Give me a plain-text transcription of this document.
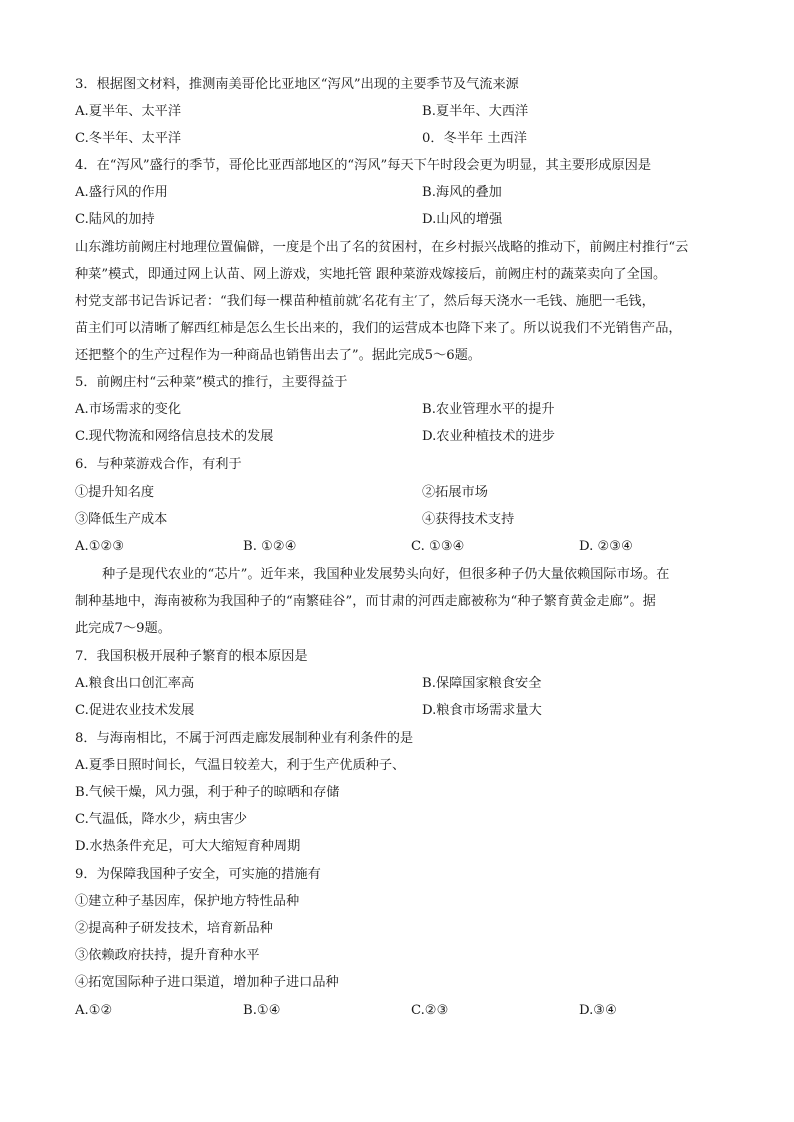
3．根据图文材料，推测南美哥伦比亚地区“泻风”出现的主要季节及气流来源
A.夏半年、太平洋	B.夏半年、大西洋
C.冬半年、太平洋	0．冬半年 土西洋
4．在“泻风”盛行的季节，哥伦比亚西部地区的“泻风”每天下午时段会更为明显，其主要形成原因是
A.盛行风的作用	B.海风的叠加
C.陆风的加持	D.山风的增强
山东潍坊前阙庄村地理位置偏僻，一度是个出了名的贫困村，在乡村振兴战略的推动下，前阙庄村推行“云
种菜”模式，即通过网上认苗、网上游戏，实地托管 跟种菜游戏嫁接后，前阙庄村的蔬菜卖向了全国。
村党支部书记告诉记者：“我们每一棵苗种植前就′名花有主′了，然后每天浇水一毛钱、施肥一毛钱，
苗主们可以清晰了解西红柿是怎么生长出来的，我们的运营成本也降下来了。所以说我们不光销售产品，
还把整个的生产过程作为一种商品也销售出去了”。据此完成5～6题。
5．前阙庄村“云种菜”模式的推行，主要得益于
A.市场需求的变化	B.农业管理水平的提升
C.现代物流和网络信息技术的发展	D.农业种植技术的进步
6．与种菜游戏合作，有利于
①提升知名度	②拓展市场
③降低生产成本	④获得技术支持
A.①②③	B. ①②④	C. ①③④	D. ②③④
种子是现代农业的“芯片”。近年来，我国种业发展势头向好，但很多种子仍大量依赖国际市场。在
制种基地中，海南被称为我国种子的“南繁硅谷”，而甘肃的河西走廊被称为“种子繁育黄金走廊”。据
此完成7～9题。
7．我国积极开展种子繁育的根本原因是
A.粮食出口创汇率高	B.保障国家粮食安全
C.促进农业技术发展	D.粮食市场需求量大
8．与海南相比，不属于河西走廊发展制种业有利条件的是
A.夏季日照时间长，气温日较差大，利于生产优质种子、
B.气候干燥，风力强，利于种子的晾晒和存储
C.气温低，降水少，病虫害少
D.水热条件充足，可大大缩短育种周期
9．为保障我国种子安全，可实施的措施有
①建立种子基因库，保护地方特性品种
②提高种子研发技术，培育新品种
③依赖政府扶持，提升育种水平
④拓宽国际种子进口渠道，增加种子进口品种
A.①②	B.①④	C.②③	D.③④
